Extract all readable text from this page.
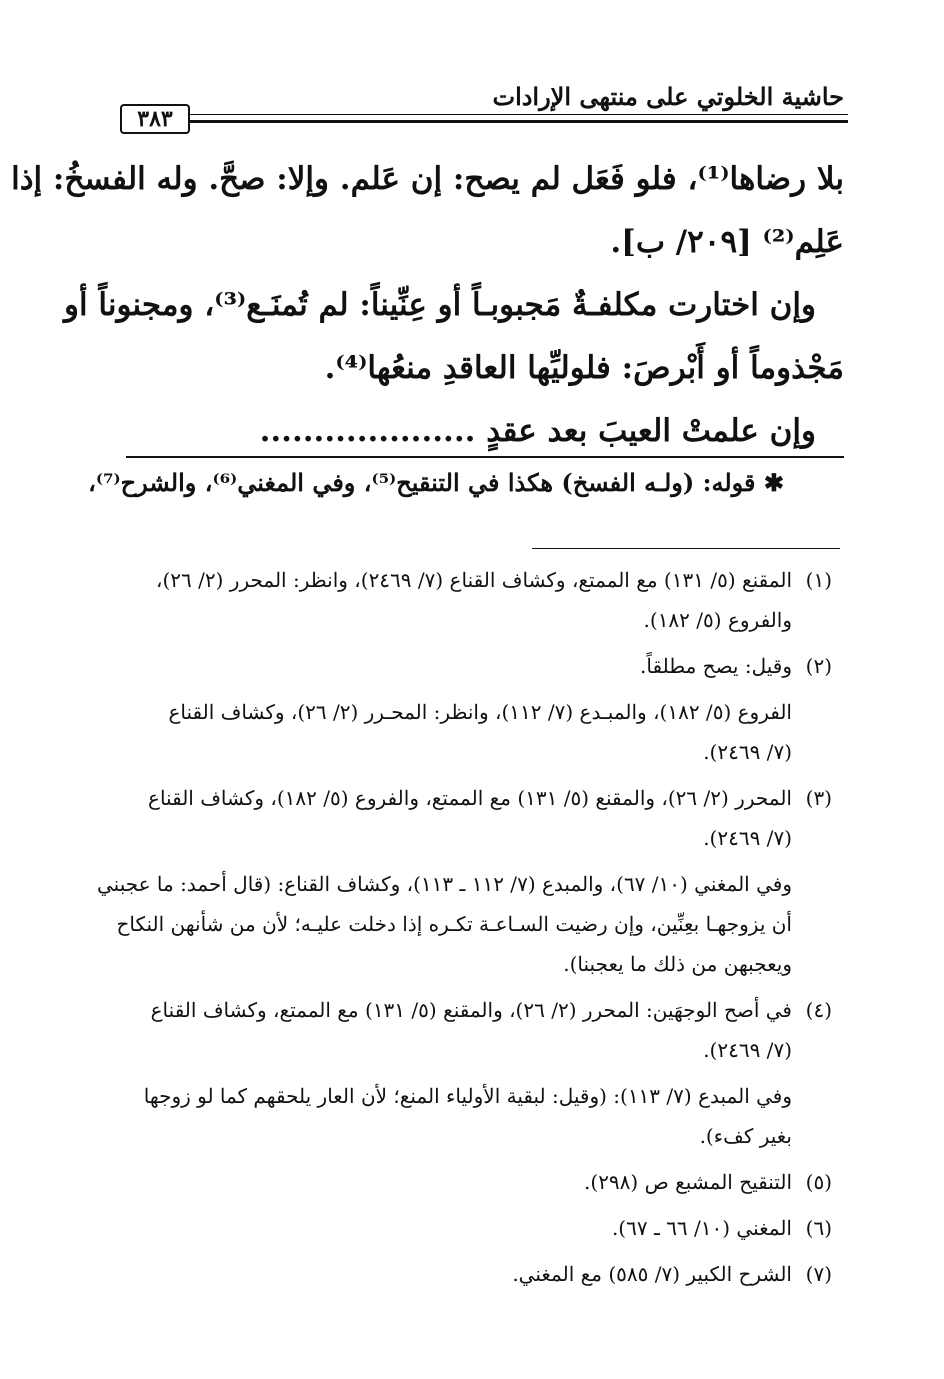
حاشية الخلوتي على منتهى الإرادات
٣٨٣
بلا رضاها⁽¹⁾، فلو فَعَل لم يصح: إن عَلم. وإلا: صحَّ. وله الفسخُ: إذا
عَلِم⁽²⁾ [٢٠٩/ ب].
وإن اختارت مكلفـةٌ مَجبوبـاً أو عِنِّيناً: لم تُمنَـع⁽³⁾، ومجنوناً أو
مَجْذوماً أو أَبْرصَ: فلوليِّها العاقدِ منعُها⁽⁴⁾.
وإن علمتْ العيبَ بعد عقدٍ ....................
✱ قوله: (ولـه الفسخ) هكذا في التنقيح⁽⁵⁾، وفي المغني⁽⁶⁾، والشرح⁽⁷⁾،
(١)
المقنع (٥/ ١٣١) مع الممتع، وكشاف القناع (٧/ ٢٤٦٩)، وانظر: المحرر (٢/ ٢٦)،
والفروع (٥/ ١٨٢).
(٢)
وقيل: يصح مطلقاً.
الفروع (٥/ ١٨٢)، والمبـدع (٧/ ١١٢)، وانظر: المحـرر (٢/ ٢٦)، وكشاف القناع
(٧/ ٢٤٦٩).
(٣)
المحرر (٢/ ٢٦)، والمقنع (٥/ ١٣١) مع الممتع، والفروع (٥/ ١٨٢)، وكشاف القناع
(٧/ ٢٤٦٩).
وفي المغني (١٠/ ٦٧)، والمبدع (٧/ ١١٢ ـ ١١٣)، وكشاف القناع: (قال أحمد: ما عجبني
أن يزوجهـا بعِنِّين، وإن رضيت السـاعـة تكـره إذا دخلت عليـه؛ لأن من شأنهن النكاح
ويعجبهن من ذلك ما يعجبنا).
(٤)
في أصح الوجهَين: المحرر (٢/ ٢٦)، والمقنع (٥/ ١٣١) مع الممتع، وكشاف القناع
(٧/ ٢٤٦٩).
وفي المبدع (٧/ ١١٣): (وقيل: لبقية الأولياء المنع؛ لأن العار يلحقهم كما لو زوجها
بغير كفء).
(٥)
التنقيح المشبع ص (٢٩٨).
(٦)
المغني (١٠/ ٦٦ ـ ٦٧).
(٧)
الشرح الكبير (٧/ ٥٨٥) مع المغني.
